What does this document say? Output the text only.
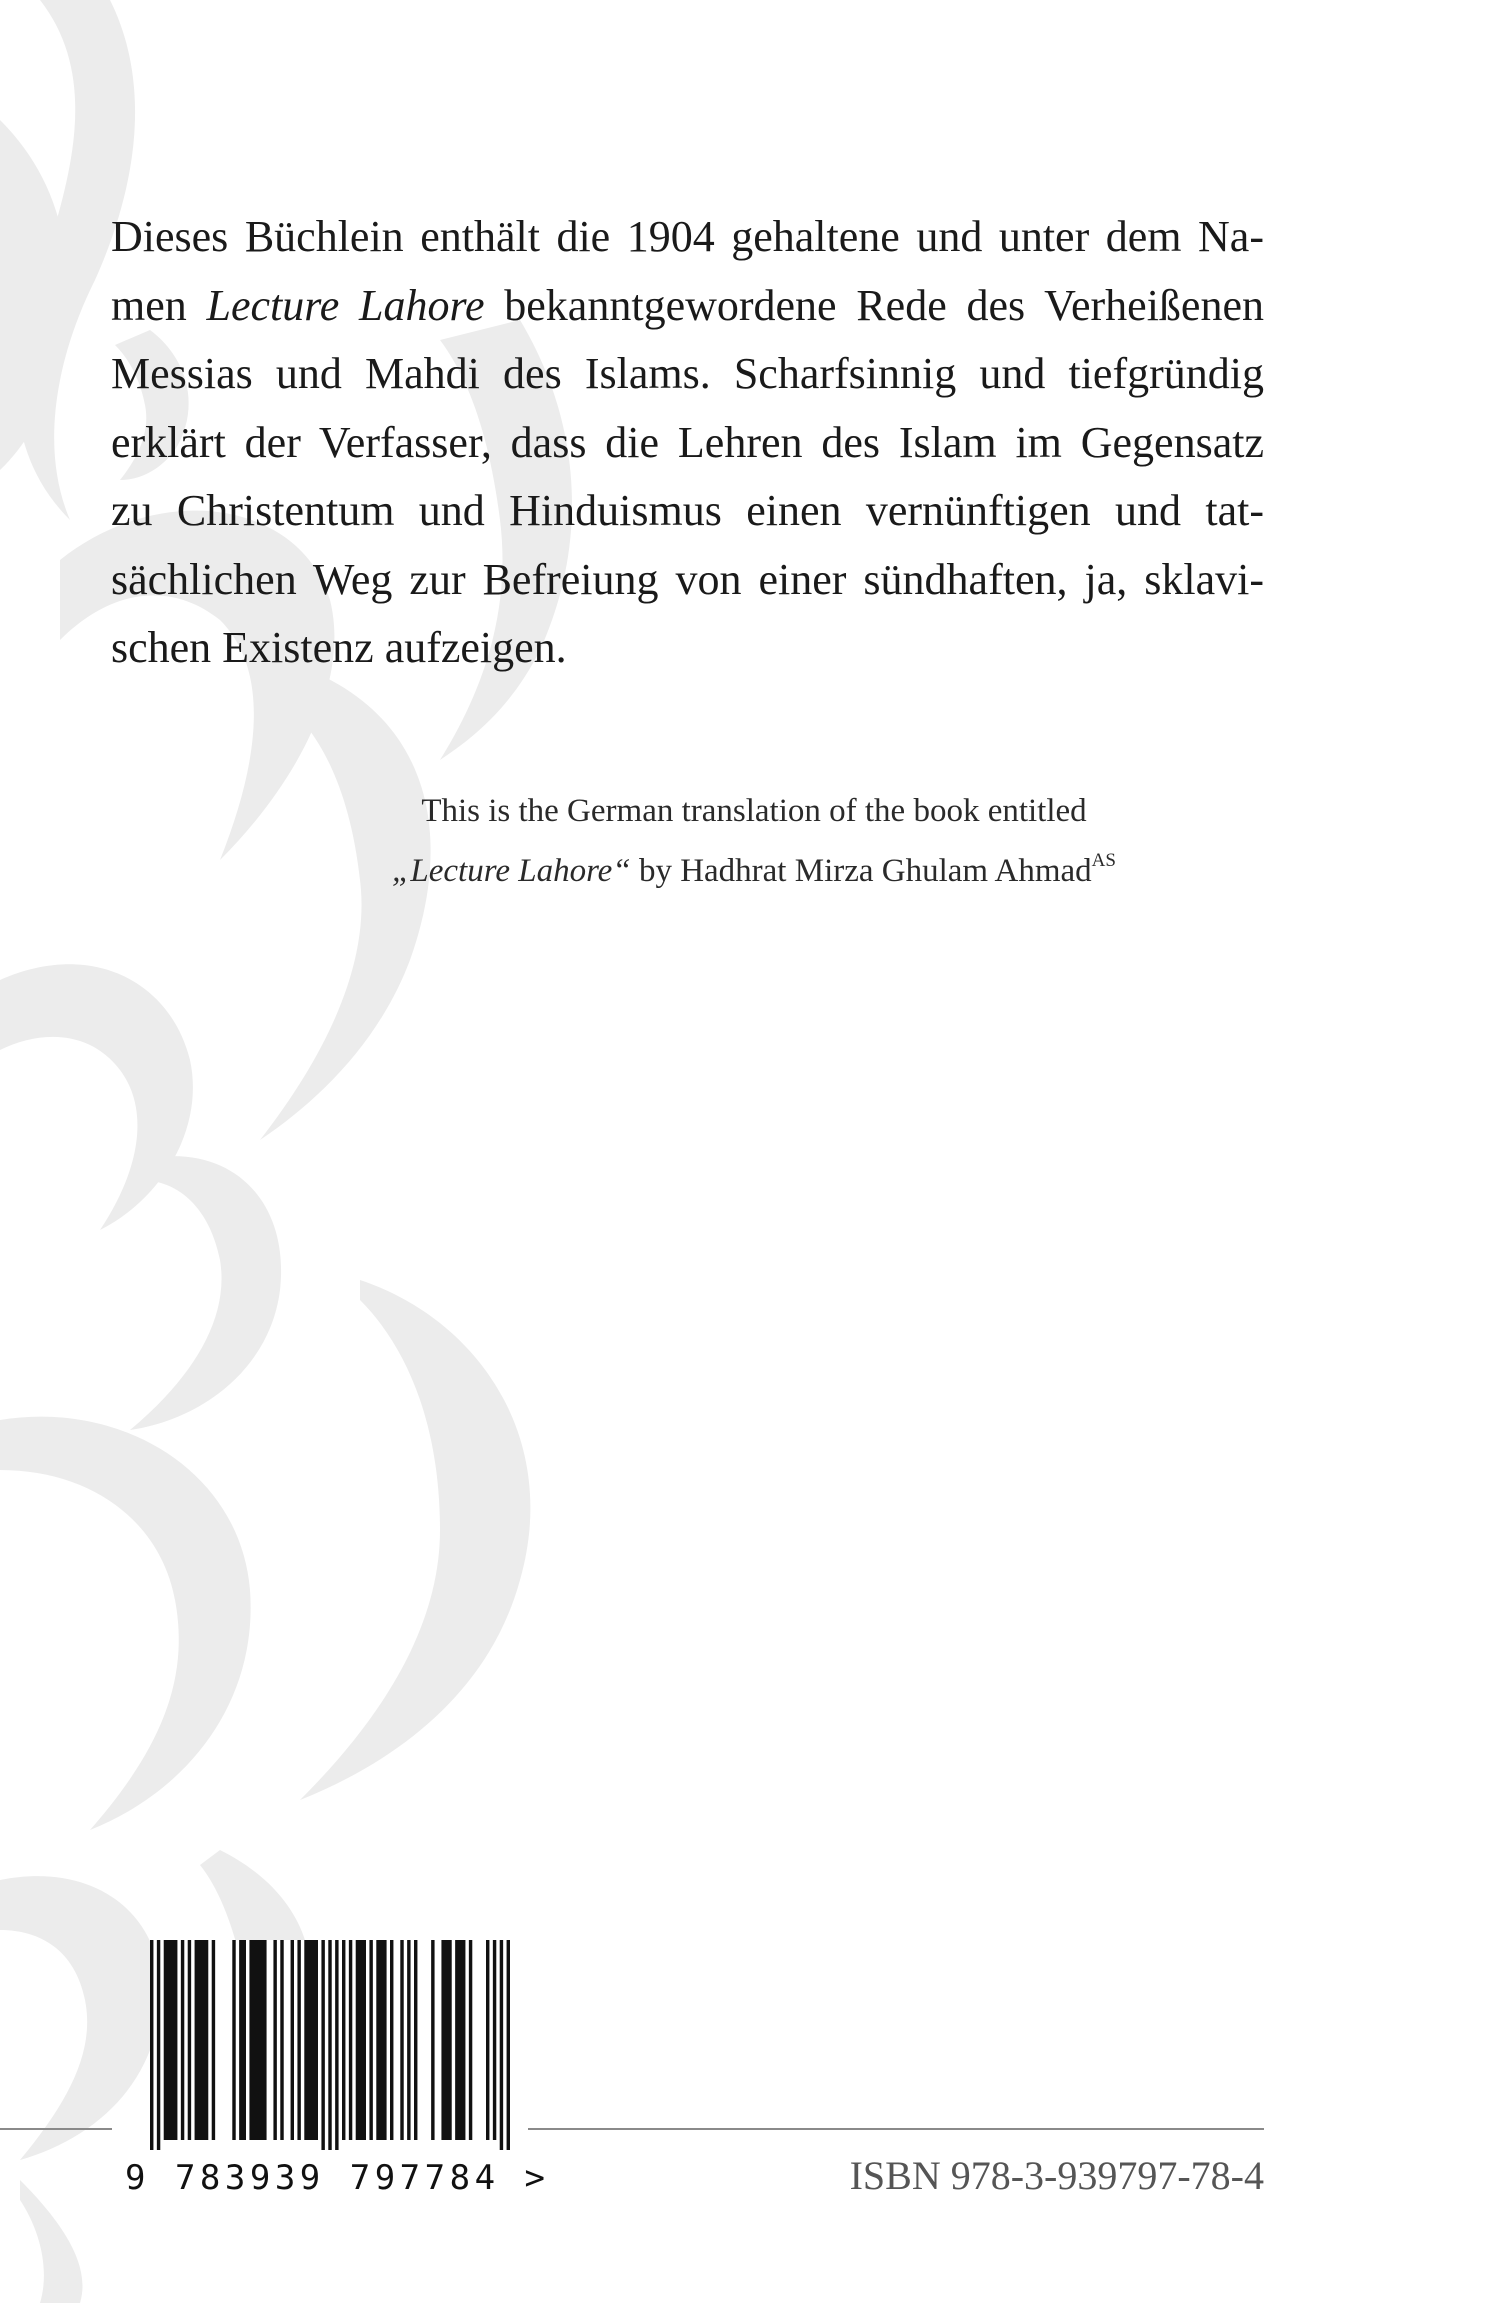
Dieses Büchlein enthält die 1904 gehaltene und unter dem Na-
men Lecture Lahore bekanntgewordene Rede des Verheißenen
Messias und Mahdi des Islams. Scharfsinnig und tiefgründig
erklärt der Verfasser, dass die Lehren des Islam im Gegensatz
zu Christentum und Hinduismus einen vernünftigen und tat-
sächlichen Weg zur Befreiung von einer sündhaften, ja, sklavi-
schen Existenz aufzeigen.
This is the German translation of the book entitled
„Lecture Lahore“ by Hadhrat Mirza Ghulam Ahmad$^{AS}$
9 783939 797784 >	ISBN 978-3-939797-78-4
